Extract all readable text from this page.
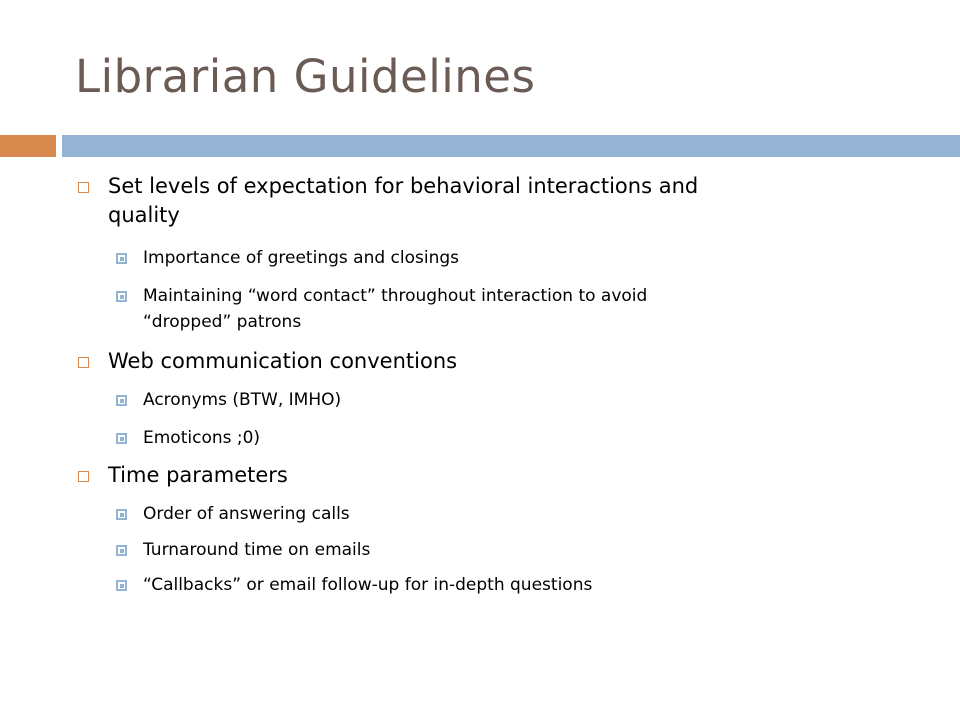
Librarian Guidelines
Set levels of expectation for behavioral interactions and
quality
Importance of greetings and closings
Maintaining “word contact” throughout interaction to avoid
“dropped” patrons
Web communication conventions
Acronyms (BTW, IMHO)
Emoticons ;0)
Time parameters
Order of answering calls
Turnaround time on emails
“Callbacks” or email follow-up for in-depth questions
